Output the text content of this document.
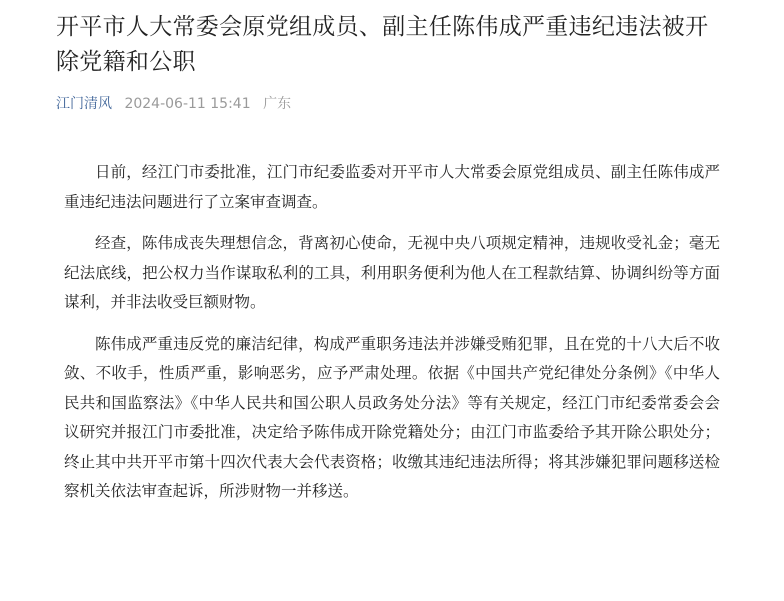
开平市人大常委会原党组成员、副主任陈伟成严重违纪违法被开除党籍和公职
江门清风 2024-06-11 15:41 广东

日前，经江门市委批准，江门市纪委监委对开平市人大常委会原党组成员、副主任陈伟成严重违纪违法问题进行了立案审查调查。

经查，陈伟成丧失理想信念，背离初心使命，无视中央八项规定精神，违规收受礼金；毫无纪法底线，把公权力当作谋取私利的工具，利用职务便利为他人在工程款结算、协调纠纷等方面谋利，并非法收受巨额财物。

陈伟成严重违反党的廉洁纪律，构成严重职务违法并涉嫌受贿犯罪，且在党的十八大后不收敛、不收手，性质严重，影响恶劣，应予严肃处理。依据《中国共产党纪律处分条例》《中华人民共和国监察法》《中华人民共和国公职人员政务处分法》等有关规定，经江门市纪委常委会会议研究并报江门市委批准，决定给予陈伟成开除党籍处分；由江门市监委给予其开除公职处分；终止其中共开平市第十四次代表大会代表资格；收缴其违纪违法所得；将其涉嫌犯罪问题移送检察机关依法审查起诉，所涉财物一并移送。
